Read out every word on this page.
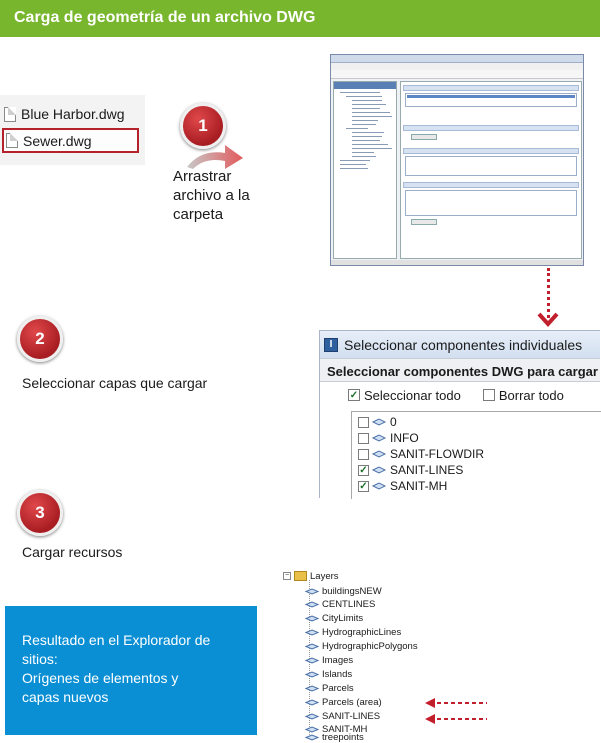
Carga de geometría de un archivo DWG
Blue Harbor.dwg
Sewer.dwg
1
Arrastrar
archivo a la
carpeta
2
Seleccionar capas que cargar
I Seleccionar componentes individuales
Seleccionar componentes DWG para cargar
✓ Seleccionar todo	Borrar todo
0
INFO
SANIT-FLOWDIR
✓ SANIT-LINES
✓ SANIT-MH
3
Cargar recursos
− Layers
buildingsNEW
CENTLINES
CityLimits
HydrographicLines
HydrographicPolygons
Images
Islands
Parcels
Parcels (area)
SANIT-LINES
SANIT-MH
treepoints
Resultado en el Explorador de
sitios:
Orígenes de elementos y
capas nuevos
